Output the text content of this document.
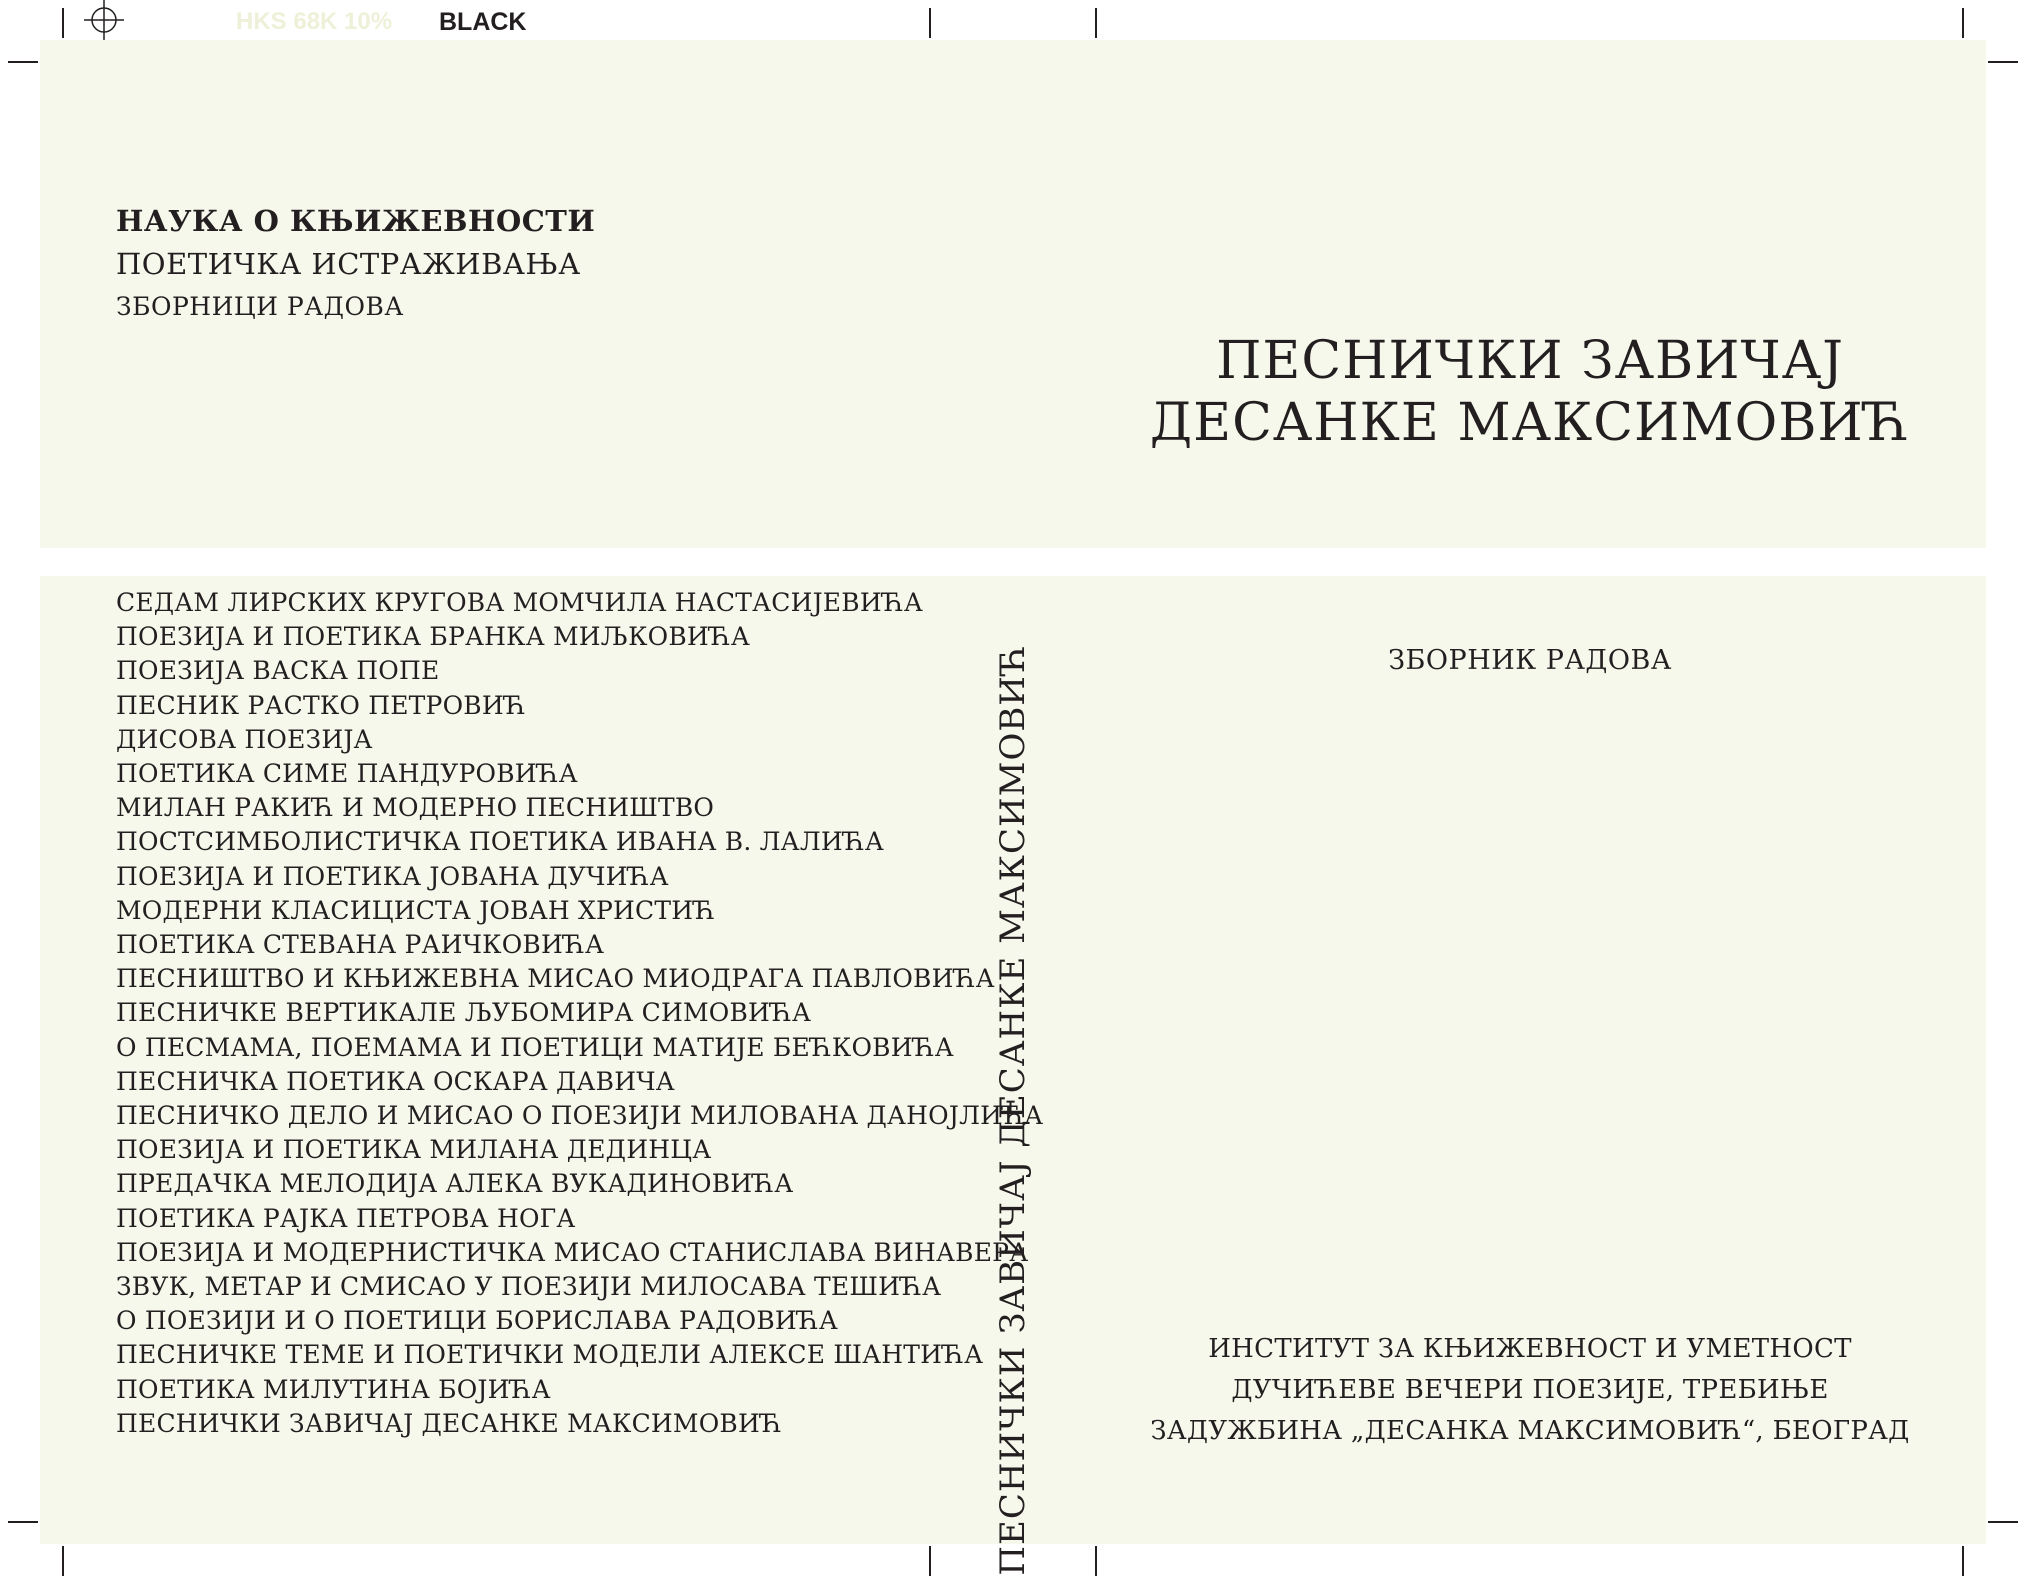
HKS 68K 10% BLACK
НАУКА О КЊИЖЕВНОСТИ
ПОЕТИЧКА ИСТРАЖИВАЊА
ЗБОРНИЦИ РАДОВА
СЕДАМ ЛИРСКИХ КРУГОВА МОМЧИЛА НАСТАСИЈЕВИЋА
ПОЕЗИЈА И ПОЕТИКА БРАНКА МИЉКОВИЋА
ПОЕЗИЈА ВАСКА ПОПЕ
ПЕСНИК РАСТКО ПЕТРОВИЋ
ДИСОВА ПОЕЗИЈА
ПОЕТИКА СИМЕ ПАНДУРОВИЋА
МИЛАН РАКИЋ И МОДЕРНО ПЕСНИШТВО
ПОСТСИМБОЛИСТИЧКА ПОЕТИКА ИВАНА В. ЛАЛИЋА
ПОЕЗИЈА И ПОЕТИКА ЈОВАНА ДУЧИЋА
МОДЕРНИ КЛАСИЦИСТА ЈОВАН ХРИСТИЋ
ПОЕТИКА СТЕВАНА РАИЧКОВИЋА
ПЕСНИШТВО И КЊИЖЕВНА МИСАО МИОДРАГА ПАВЛОВИЋА
ПЕСНИЧКЕ ВЕРТИКАЛЕ ЉУБОМИРА СИМОВИЋА
О ПЕСМАМА, ПОЕМАМА И ПОЕТИЦИ МАТИЈЕ БЕЋКОВИЋА
ПЕСНИЧКА ПОЕТИКА ОСКАРА ДАВИЧА
ПЕСНИЧКО ДЕЛО И МИСАО О ПОЕЗИЈИ МИЛОВАНА ДАНОЈЛИЋА
ПОЕЗИЈА И ПОЕТИКА МИЛАНА ДЕДИНЦА
ПРЕДАЧКА МЕЛОДИЈА АЛЕКА ВУКАДИНОВИЋА
ПОЕТИКА РАЈКА ПЕТРОВА НОГА
ПОЕЗИЈА И МОДЕРНИСТИЧКА МИСАО СТАНИСЛАВА ВИНАВЕРА
ЗВУК, МЕТАР И СМИСАО У ПОЕЗИЈИ МИЛОСАВА ТЕШИЋА
О ПОЕЗИЈИ И О ПОЕТИЦИ БОРИСЛАВА РАДОВИЋА
ПЕСНИЧКЕ ТЕМЕ И ПОЕТИЧКИ МОДЕЛИ АЛЕКСЕ ШАНТИЋА
ПОЕТИКА МИЛУТИНА БОЈИЋА
ПЕСНИЧКИ ЗАВИЧАЈ ДЕСАНКЕ МАКСИМОВИЋ	ПЕСНИЧКИ ЗАВИЧАЈ ДЕСАНКЕ МАКСИМОВИЋ
ПЕСНИЧКИ ЗАВИЧАЈ
ДЕСАНКЕ МАКСИМОВИЋ
ЗБОРНИК РАДОВА
ИНСТИТУТ ЗА КЊИЖЕВНОСТ И УМЕТНОСТ
ДУЧИЋЕВЕ ВЕЧЕРИ ПОЕЗИЈЕ, ТРЕБИЊЕ
ЗАДУЖБИНА „ДЕСАНКА МАКСИМОВИЋ“, БЕОГРАД
